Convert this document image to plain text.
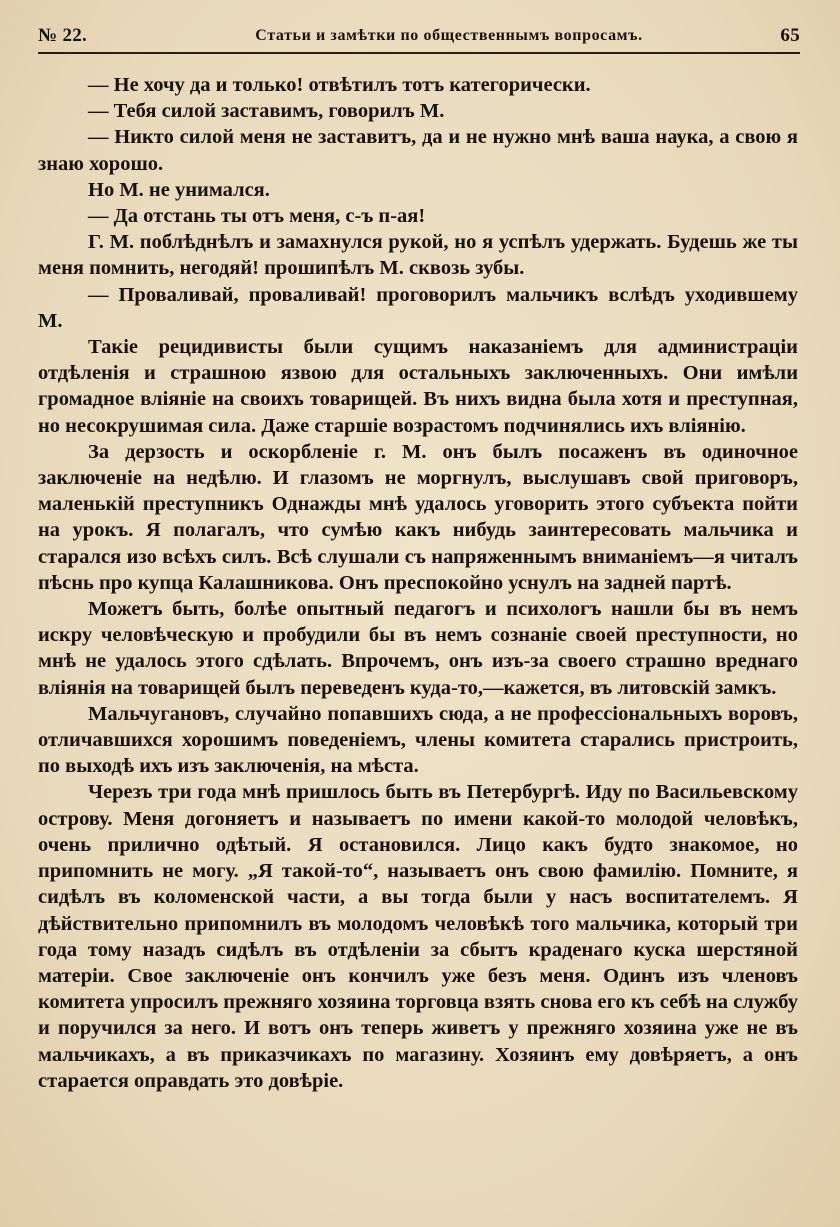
№ 22.	Статьи и замѣтки по общественнымъ вопросамъ.	65

— Не хочу да и только! отвѣтилъ тотъ категорически.

— Тебя силой заставимъ, говорилъ М.

— Никто силой меня не заставитъ, да и не нужно мнѣ ваша наука, а свою я знаю хорошо.

Но М. не унимался.

— Да отстань ты отъ меня, с-ъ п-ая!

Г. М. поблѣднѣлъ и замахнулся рукой, но я успѣлъ удержать. Будешь же ты меня помнить, негодяй! прошипѣлъ М. сквозь зубы.

— Проваливай, проваливай! проговорилъ мальчикъ вслѣдъ уходившему М.

Такіе рецидивисты были сущимъ наказаніемъ для администраціи отдѣленія и страшною язвою для остальныхъ заключенныхъ. Они имѣли громадное вліяніе на своихъ товарищей. Въ нихъ видна была хотя и преступная, но несокрушимая сила. Даже старшіе возрастомъ подчинялись ихъ вліянію.

За дерзость и оскорбленіе г. М. онъ былъ посаженъ въ одиночное заключеніе на недѣлю. И глазомъ не моргнулъ, выслушавъ свой приговоръ, маленькій преступникъ Однажды мнѣ удалось уговорить этого субъекта пойти на урокъ. Я полагалъ, что сумѣю какъ нибудь заинтересовать мальчика и старался изо всѣхъ силъ. Всѣ слушали съ напряженнымъ вниманіемъ—я читалъ пѣснь про купца Калашникова. Онъ преспокойно уснулъ на задней партѣ.

Можетъ быть, болѣе опытный педагогъ и психологъ нашли бы въ немъ искру человѣческую и пробудили бы въ немъ сознаніе своей преступности, но мнѣ не удалось этого сдѣлать. Впрочемъ, онъ изъ-за своего страшно вреднаго вліянія на товарищей былъ переведенъ куда-то,—кажется, въ литовскій замкъ.

Мальчугановъ, случайно попавшихъ сюда, а не профессіональныхъ воровъ, отличавшихся хорошимъ поведеніемъ, члены комитета старались пристроить, по выходѣ ихъ изъ заключенія, на мѣста.

Черезъ три года мнѣ пришлось быть въ Петербургѣ. Иду по Васильевскому острову. Меня догоняетъ и называетъ по имени какой-то молодой человѣкъ, очень прилично одѣтый. Я остановился. Лицо какъ будто знакомое, но припомнить не могу. „Я такой-то“, называетъ онъ свою фамилію. Помните, я сидѣлъ въ коломенской части, а вы тогда были у насъ воспитателемъ. Я дѣйствительно припомнилъ въ молодомъ человѣкѣ того мальчика, который три года тому назадъ сидѣлъ въ отдѣленіи за сбытъ краденаго куска шерстяной матеріи. Свое заключеніе онъ кончилъ уже безъ меня. Одинъ изъ членовъ комитета упросилъ прежняго хозяина торговца взять снова его къ себѣ на службу и поручился за него. И вотъ онъ теперь живетъ у прежняго хозяина уже не въ мальчикахъ, а въ приказчикахъ по магазину. Хозяинъ ему довѣряетъ, а онъ старается оправдать это довѣріе.
